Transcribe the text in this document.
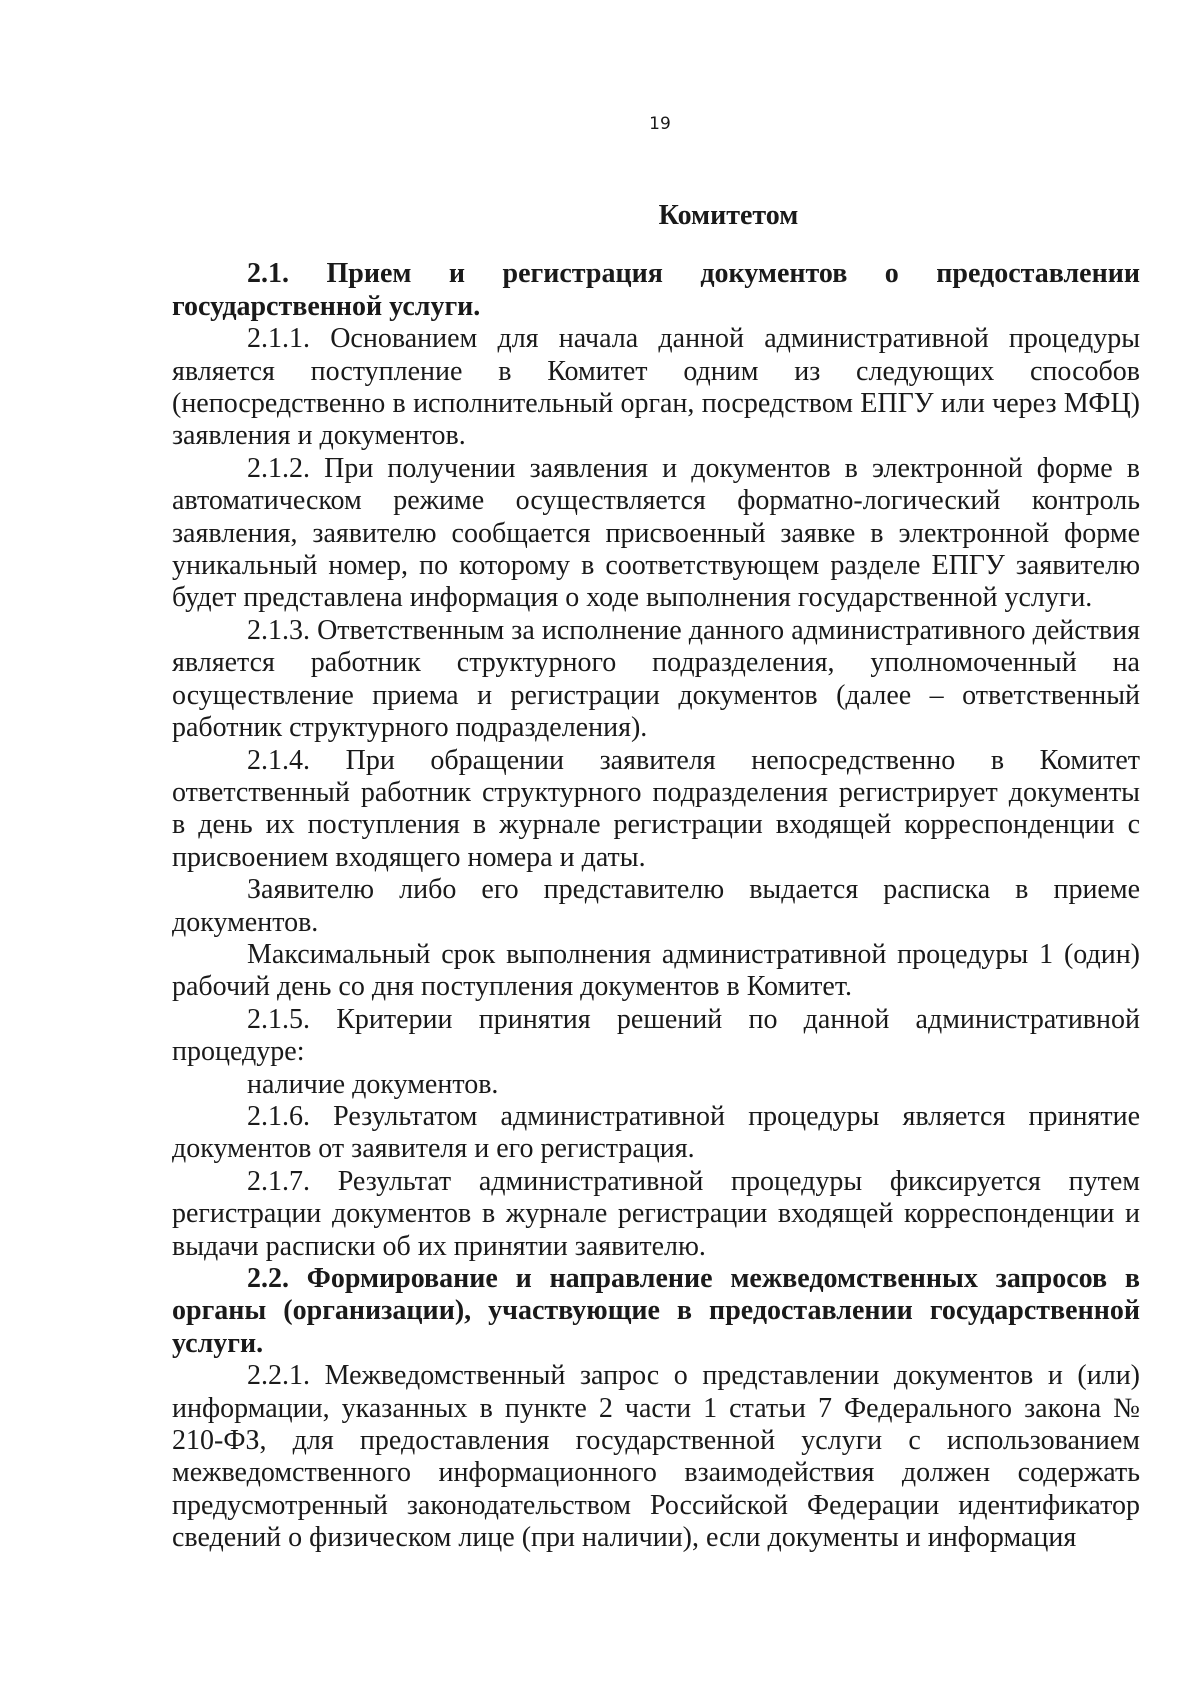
19
Комитетом

2.1. Прием и регистрация документов о предоставлении государственной услуги.

2.1.1. Основанием для начала данной административной процедуры является поступление в Комитет одним из следующих способов (непосредственно в исполнительный орган, посредством ЕПГУ или через МФЦ) заявления и документов.

2.1.2. При получении заявления и документов в электронной форме в автоматическом режиме осуществляется форматно-логический контроль заявления, заявителю сообщается присвоенный заявке в электронной форме уникальный номер, по которому в соответствующем разделе ЕПГУ заявителю будет представлена информация о ходе выполнения государственной услуги.

2.1.3. Ответственным за исполнение данного административного действия является работник структурного подразделения, уполномоченный на осуществление приема и регистрации документов (далее – ответственный работник структурного подразделения).

2.1.4. При обращении заявителя непосредственно в Комитет ответственный работник структурного подразделения регистрирует документы в день их поступления в журнале регистрации входящей корреспонденции с присвоением входящего номера и даты.

Заявителю либо его представителю выдается расписка в приеме документов.

Максимальный срок выполнения административной процедуры 1 (один) рабочий день со дня поступления документов в Комитет.

2.1.5. Критерии принятия решений по данной административной процедуре:

наличие документов.

2.1.6. Результатом административной процедуры является принятие документов от заявителя и его регистрация.

2.1.7. Результат административной процедуры фиксируется путем регистрации документов в журнале регистрации входящей корреспонденции и выдачи расписки об их принятии заявителю.

2.2. Формирование и направление межведомственных запросов в органы (организации), участвующие в предоставлении государственной услуги.

2.2.1. Межведомственный запрос о представлении документов и (или) информации, указанных в пункте 2 части 1 статьи 7 Федерального закона № 210-ФЗ, для предоставления государственной услуги с использованием межведомственного информационного взаимодействия должен содержать предусмотренный законодательством Российской Федерации идентификатор сведений о физическом лице (при наличии), если документы и информация
